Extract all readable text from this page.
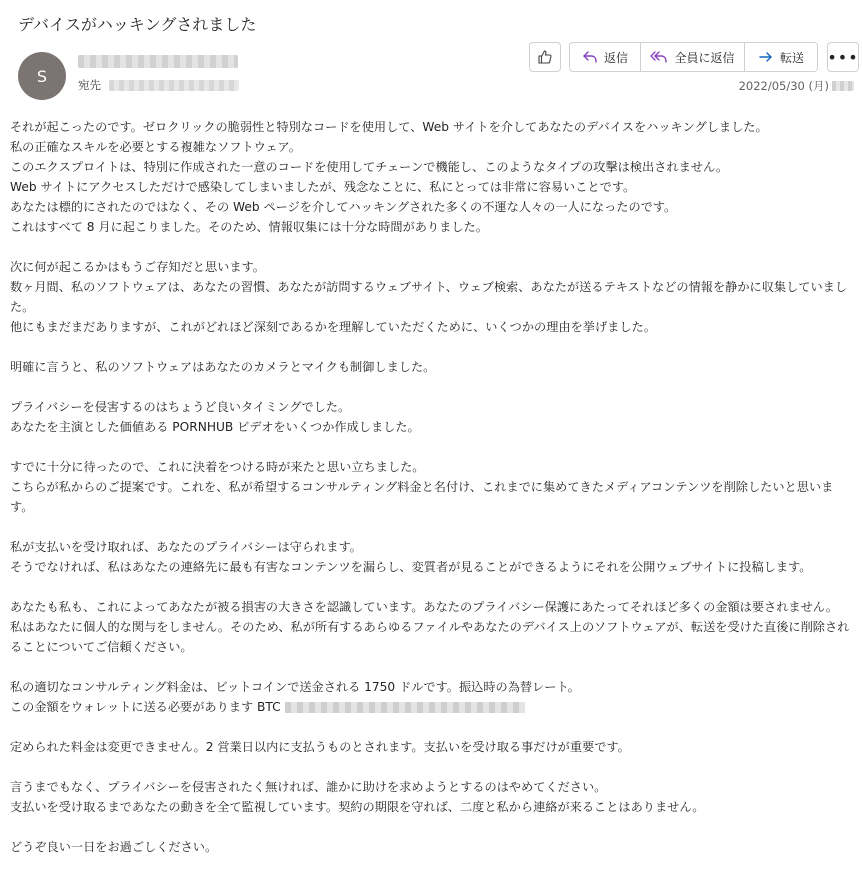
デバイスがハッキングされました
S	宛先
返信	全員に返信	転送 •••
2022/05/30 (月)

それが起こったのです。ゼロクリックの脆弱性と特別なコードを使用して、Web サイトを介してあなたのデバイスをハッキングしました。

私の正確なスキルを必要とする複雑なソフトウェア。

このエクスプロイトは、特別に作成された一意のコードを使用してチェーンで機能し、このようなタイプの攻撃は検出されません。

Web サイトにアクセスしただけで感染してしまいましたが、残念なことに、私にとっては非常に容易いことです。

あなたは標的にされたのではなく、その Web ページを介してハッキングされた多くの不運な人々の一人になったのです。

これはすべて 8 月に起こりました。そのため、情報収集には十分な時間がありました。

次に何が起こるかはもうご存知だと思います。

数ヶ月間、私のソフトウェアは、あなたの習慣、あなたが訪問するウェブサイト、ウェブ検索、あなたが送るテキストなどの情報を静かに収集していました。

他にもまだまだありますが、これがどれほど深刻であるかを理解していただくために、いくつかの理由を挙げました。

明確に言うと、私のソフトウェアはあなたのカメラとマイクも制御しました。

プライバシーを侵害するのはちょうど良いタイミングでした。

あなたを主演とした価値ある PORNHUB ビデオをいくつか作成しました。

すでに十分に待ったので、これに決着をつける時が来たと思い立ちました。

こちらが私からのご提案です。これを、私が希望するコンサルティング料金と名付け、これまでに集めてきたメディアコンテンツを削除したいと思います。

私が支払いを受け取れば、あなたのプライバシーは守られます。

そうでなければ、私はあなたの連絡先に最も有害なコンテンツを漏らし、変質者が見ることができるようにそれを公開ウェブサイトに投稿します。

あなたも私も、これによってあなたが被る損害の大きさを認識しています。あなたのプライバシー保護にあたってそれほど多くの金額は要されません。

私はあなたに個人的な関与をしません。そのため、私が所有するあらゆるファイルやあなたのデバイス上のソフトウェアが、転送を受けた直後に削除されることについてご信頼ください。

私の適切なコンサルティング料金は、ビットコインで送金される 1750 ドルです。振込時の為替レート。

この金額をウォレットに送る必要があります BTC

定められた料金は変更できません。2 営業日以内に支払うものとされます。支払いを受け取る事だけが重要です。

言うまでもなく、プライバシーを侵害されたく無ければ、誰かに助けを求めようとするのはやめてください。

支払いを受け取るまであなたの動きを全て監視しています。契約の期限を守れば、二度と私から連絡が来ることはありません。

どうぞ良い一日をお過ごしください。
